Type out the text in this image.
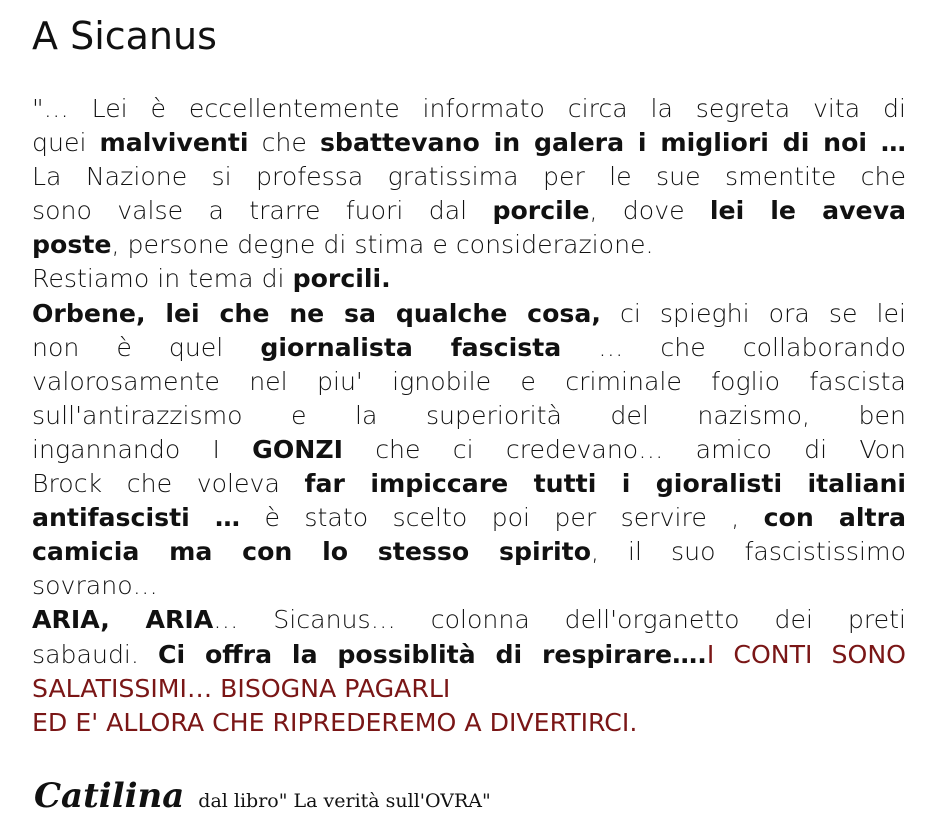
A Sicanus
"… Lei è eccellentemente informato circa la segreta vita di
quei malviventi che sbattevano in galera i migliori di noi …
La Nazione si professa gratissima per le sue smentite che
sono valse a trarre fuori dal porcile, dove lei le aveva
poste, persone degne di stima e considerazione.
Restiamo in tema di porcili.
Orbene, lei che ne sa qualche cosa, ci spieghi ora se lei
non è quel giornalista fascista … che collaborando
valorosamente nel piu' ignobile e criminale foglio fascista
sull'antirazzismo e la superiorità del nazismo, ben
ingannando I GONZI che ci credevano… amico di Von
Brock che voleva far impiccare tutti i gioralisti italiani
antifascisti … è stato scelto poi per servire , con altra
camicia ma con lo stesso spirito, il suo fascistissimo
sovrano…
ARIA, ARIA… Sicanus… colonna dell'organetto dei preti
sabaudi. Ci offra la possiblità di respirare….I CONTI SONO
SALATISSIMI… BISOGNA PAGARLI
ED E' ALLORA CHE RIPREDEREMO A DIVERTIRCI.
Catilina dal libro" La verità sull'OVRA"
